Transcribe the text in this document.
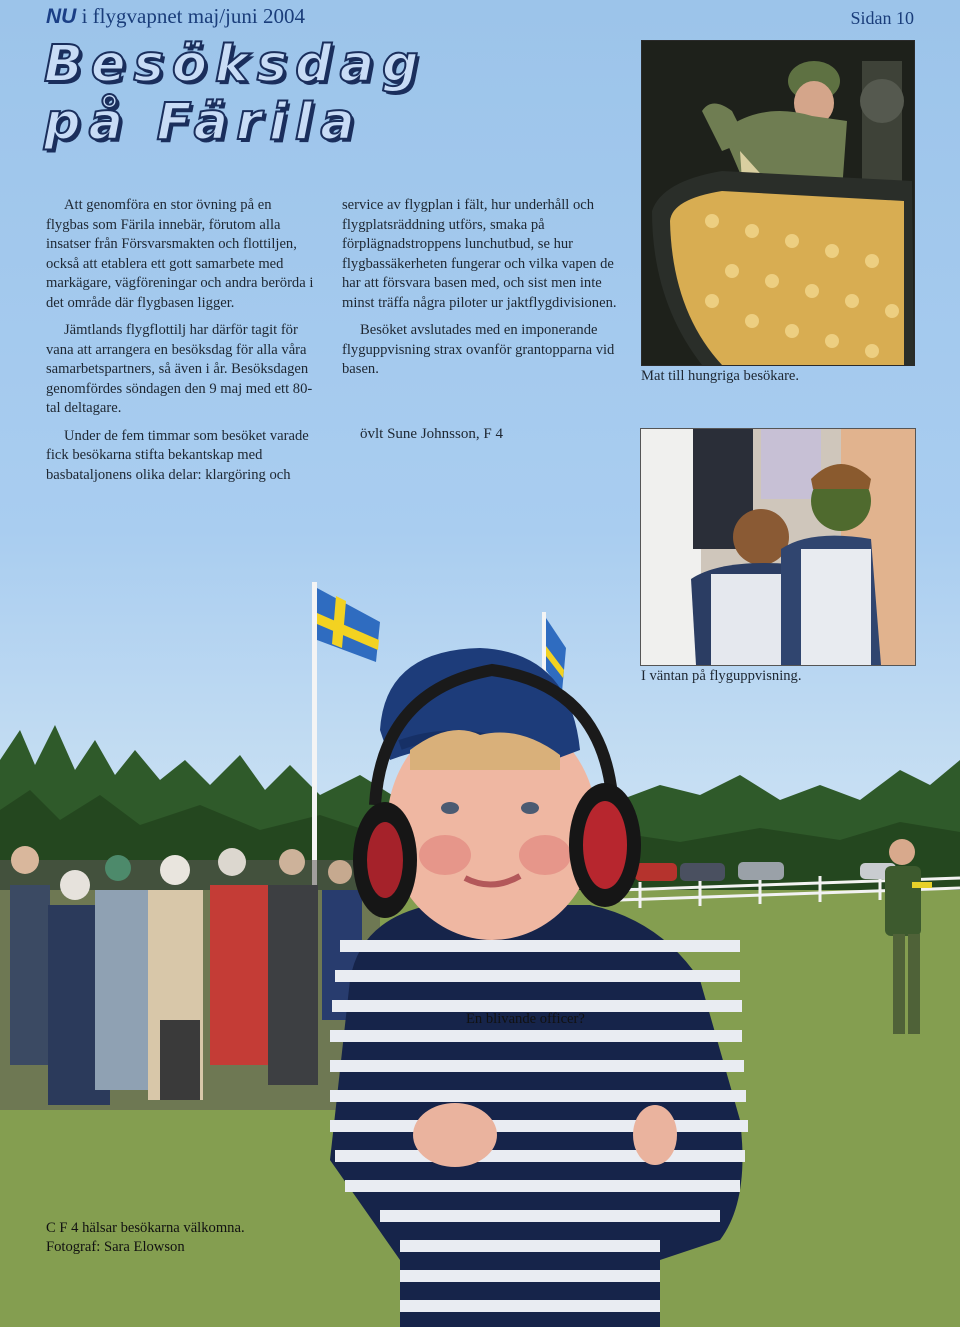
NU i flygvapnet maj/juni 2004	Sidan 10
Besöksdag
på Färila
Mat till hungriga besökare.
I väntan på flyguppvisning.

Att genomföra en stor övning på en flygbas som Färila innebär, förutom alla insatser från Försvarsmakten och flottiljen, också att etablera ett gott samarbete med markägare, vägföreningar och andra berörda i det område där flygbasen ligger.

Jämtlands flygflottilj har därför tagit för vana att arrangera en besöksdag för alla våra samarbetspartners, så även i år. Besöksdagen genomfördes söndagen den 9 maj med ett 80-tal deltagare.

Under de fem timmar som besöket varade fick besökarna stifta bekantskap med basbataljonens olika delar: klargöring och

service av flygplan i fält, hur underhåll och flygplatsräddning utförs, smaka på förplägnadstroppens lunchutbud, se hur flygbassäkerheten fungerar och vilka vapen de har att försvara basen med, och sist men inte minst träffa några piloter ur jaktflygdivisionen.

Besöket avslutades med en imponerande flyguppvisning strax ovanför grantopparna vid basen.

övlt Sune Johnsson, F 4
En blivande officer?
C F 4 hälsar besökarna välkomna.
Fotograf: Sara Elowson
